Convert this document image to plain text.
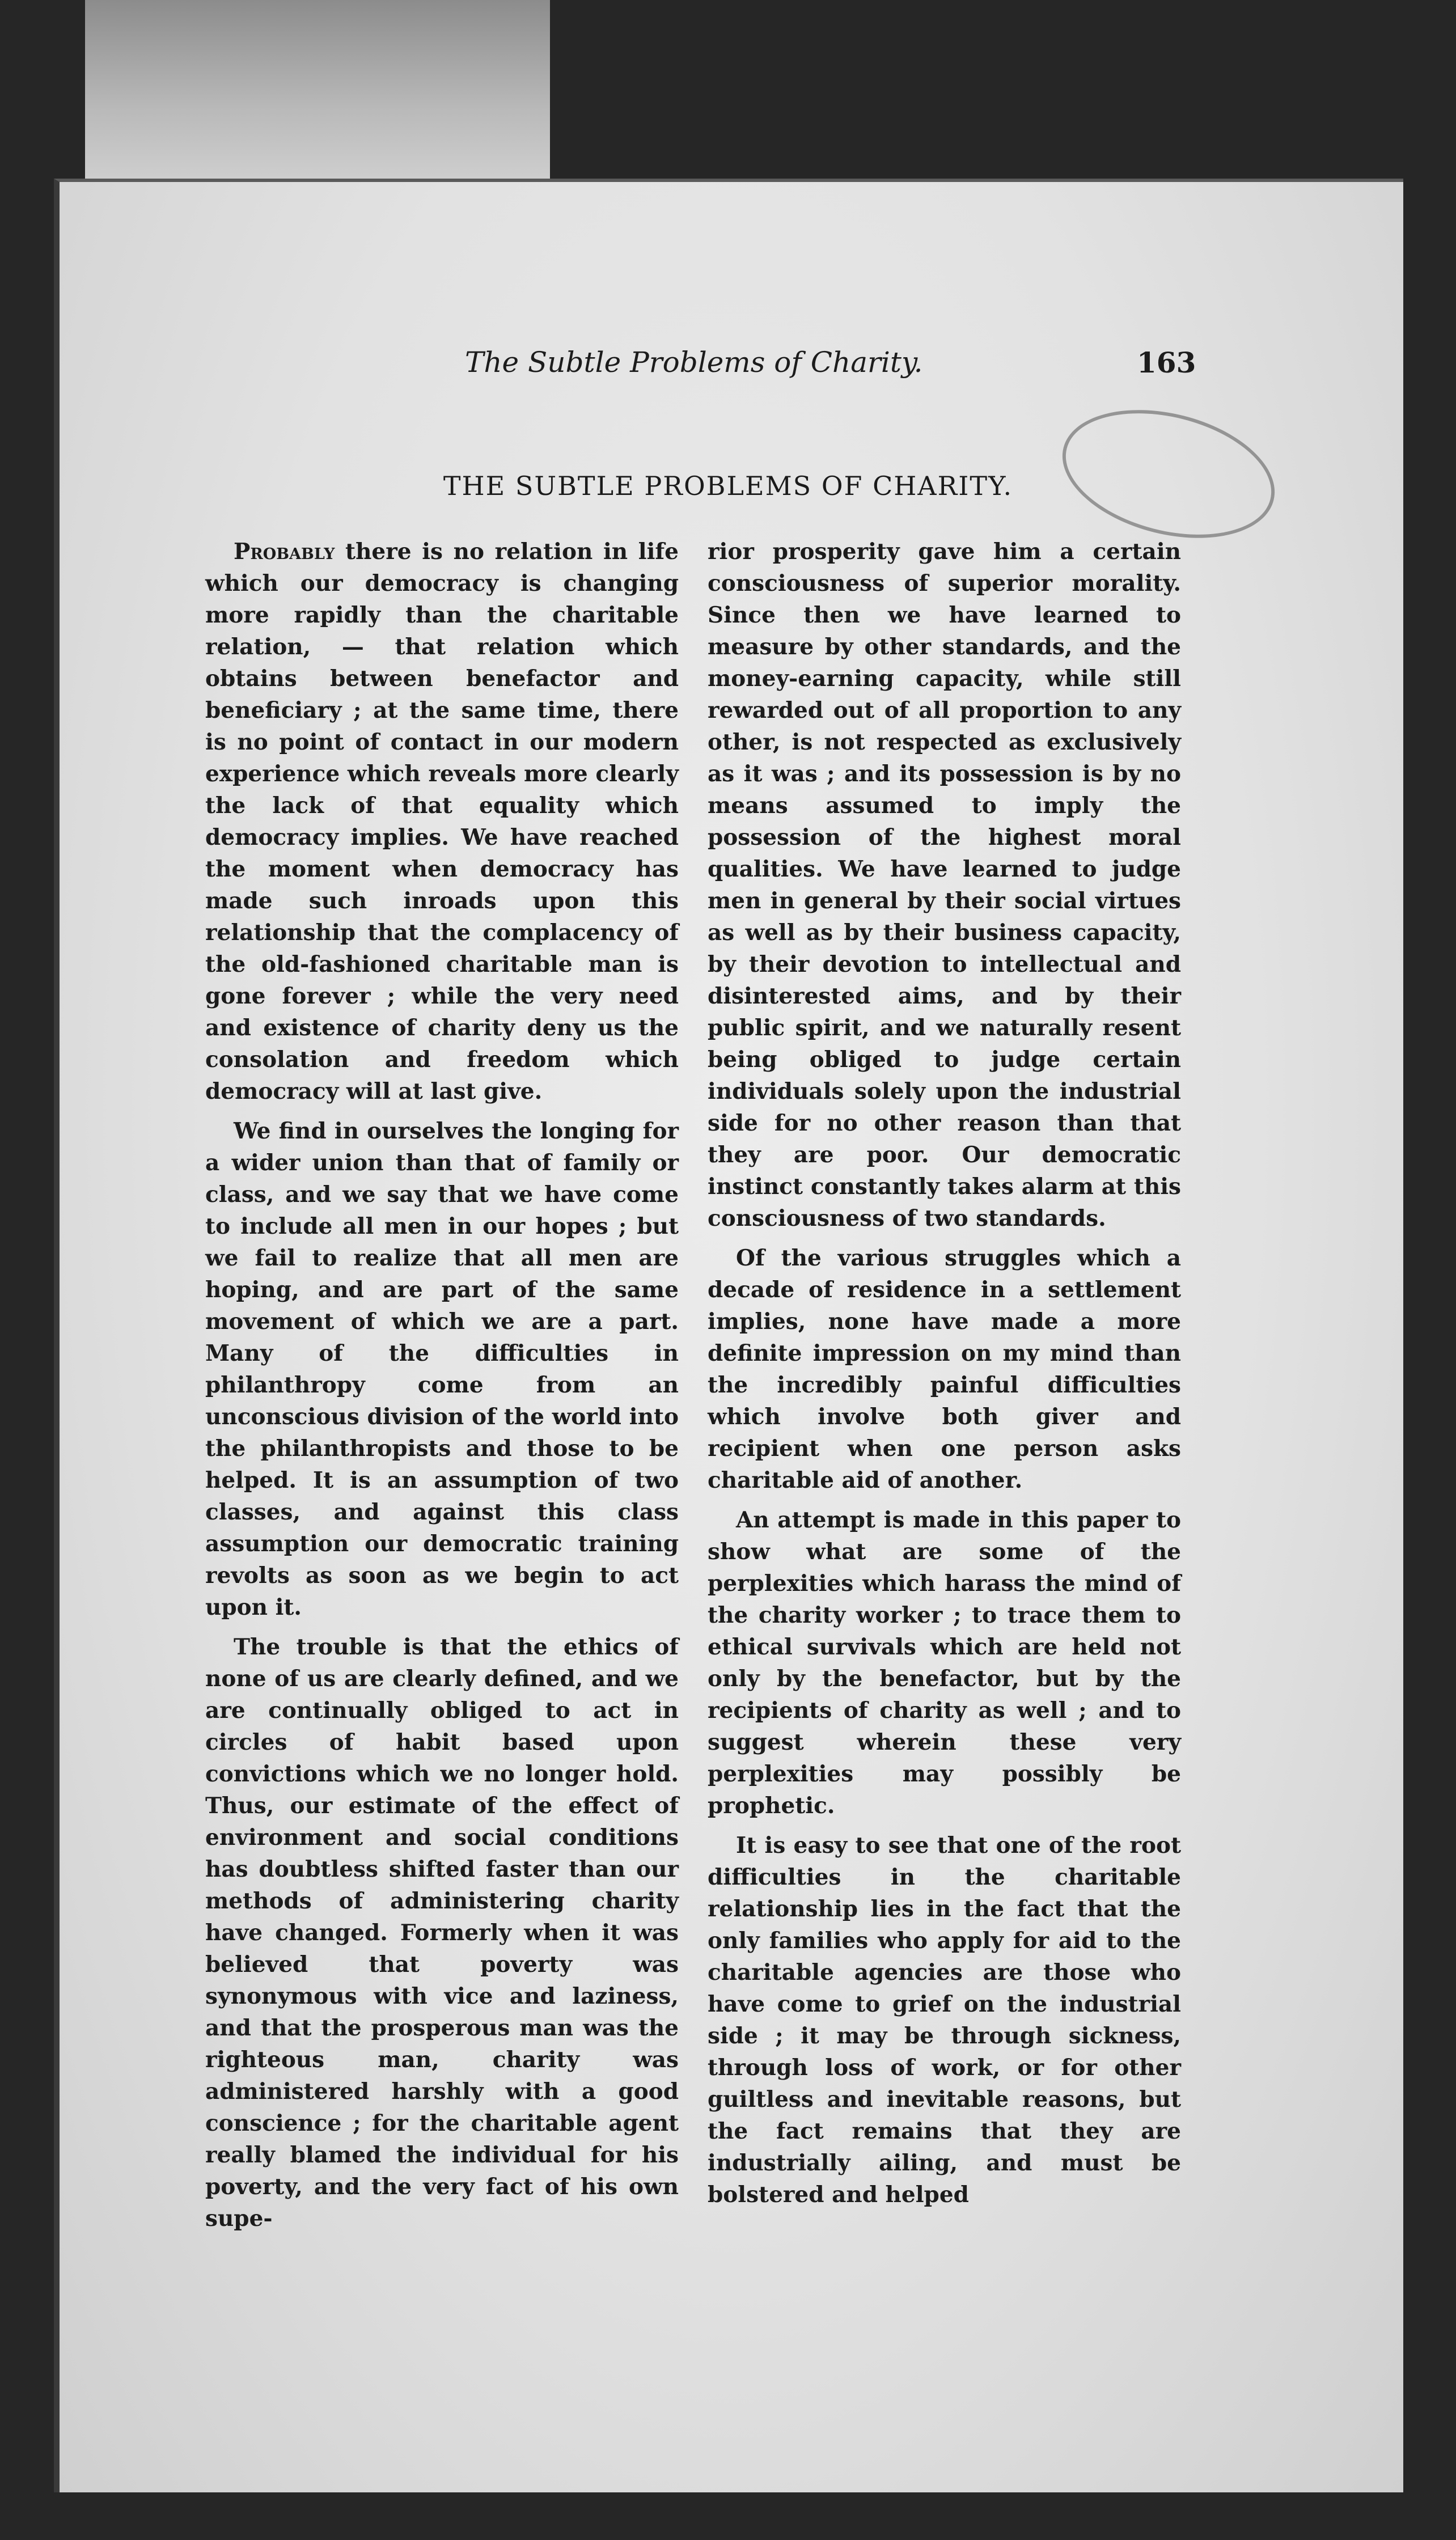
The Subtle Problems of Charity.	163
THE SUBTLE PROBLEMS OF CHARITY.

Probably there is no relation in life which our democracy is changing more rapidly than the charitable relation, — that relation which obtains between benefactor and beneficiary ; at the same time, there is no point of contact in our modern experience which reveals more clearly the lack of that equality which democracy implies. We have reached the moment when democracy has made such inroads upon this relationship that the complacency of the old-fashioned charitable man is gone forever ; while the very need and existence of charity deny us the consolation and freedom which democracy will at last give.

We find in ourselves the longing for a wider union than that of family or class, and we say that we have come to include all men in our hopes ; but we fail to realize that all men are hoping, and are part of the same movement of which we are a part. Many of the difficulties in philanthropy come from an unconscious division of the world into the philanthropists and those to be helped. It is an assumption of two classes, and against this class assumption our democratic training revolts as soon as we begin to act upon it.

The trouble is that the ethics of none of us are clearly defined, and we are continually obliged to act in circles of habit based upon convictions which we no longer hold. Thus, our estimate of the effect of environment and social conditions has doubtless shifted faster than our methods of administering charity have changed. Formerly when it was believed that poverty was synonymous with vice and laziness, and that the prosperous man was the righteous man, charity was administered harshly with a good conscience ; for the charitable agent really blamed the individual for his poverty, and the very fact of his own supe-

rior prosperity gave him a certain consciousness of superior morality. Since then we have learned to measure by other standards, and the money-earning capacity, while still rewarded out of all proportion to any other, is not respected as exclusively as it was ; and its possession is by no means assumed to imply the possession of the highest moral qualities. We have learned to judge men in general by their social virtues as well as by their business capacity, by their devotion to intellectual and disinterested aims, and by their public spirit, and we naturally resent being obliged to judge certain individuals solely upon the industrial side for no other reason than that they are poor. Our democratic instinct constantly takes alarm at this consciousness of two standards.

Of the various struggles which a decade of residence in a settlement implies, none have made a more definite impression on my mind than the incredibly painful difficulties which involve both giver and recipient when one person asks charitable aid of another.

An attempt is made in this paper to show what are some of the perplexities which harass the mind of the charity worker ; to trace them to ethical survivals which are held not only by the benefactor, but by the recipients of charity as well ; and to suggest wherein these very perplexities may possibly be prophetic.

It is easy to see that one of the root difficulties in the charitable relationship lies in the fact that the only families who apply for aid to the charitable agencies are those who have come to grief on the industrial side ; it may be through sickness, through loss of work, or for other guiltless and inevitable reasons, but the fact remains that they are industrially ailing, and must be bolstered and helped
